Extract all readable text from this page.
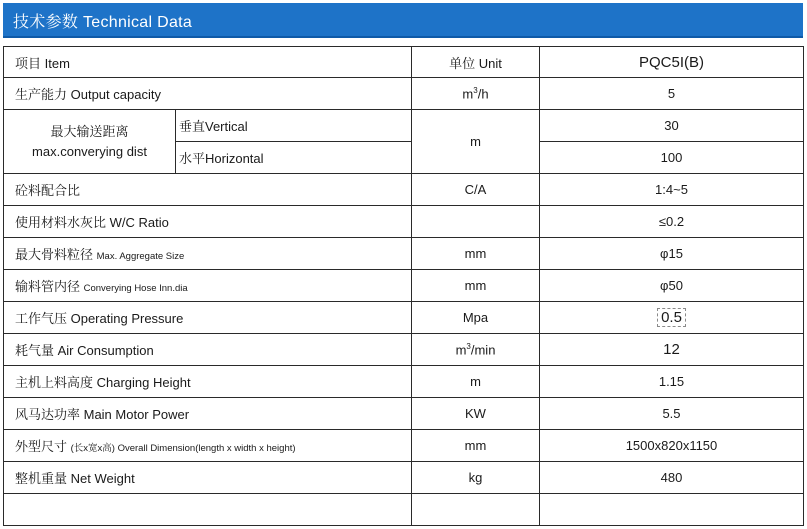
技术参数 Technical Data
项目 Item		单位 Unit	PQC5I(B)
生产能力 Output capacity		$m^3/h$	5

最大输送距离
max.converying dist	垂直Vertical	m	30
	水平Horizontal		100
砼料配合比		C/A	1:4~5
使用材料水灰比 W/C Ratio			≤0.2
最大骨料粒径 Max. Aggregate Size		mm	φ15
输料管内径 Converying Hose Inn.dia		mm	φ50
工作气压 Operating Pressure		Mpa	0.5
耗气量 Air Consumption		$m^3/\min$	12
主机上料高度 Charging Height		m	1.15
风马达功率 Main Motor Power		KW	5.5
外型尺寸 (长x宽x高) Overall Dimension(length x width x height)		mm	1500x820x1150
整机重量 Net Weight		kg	480
